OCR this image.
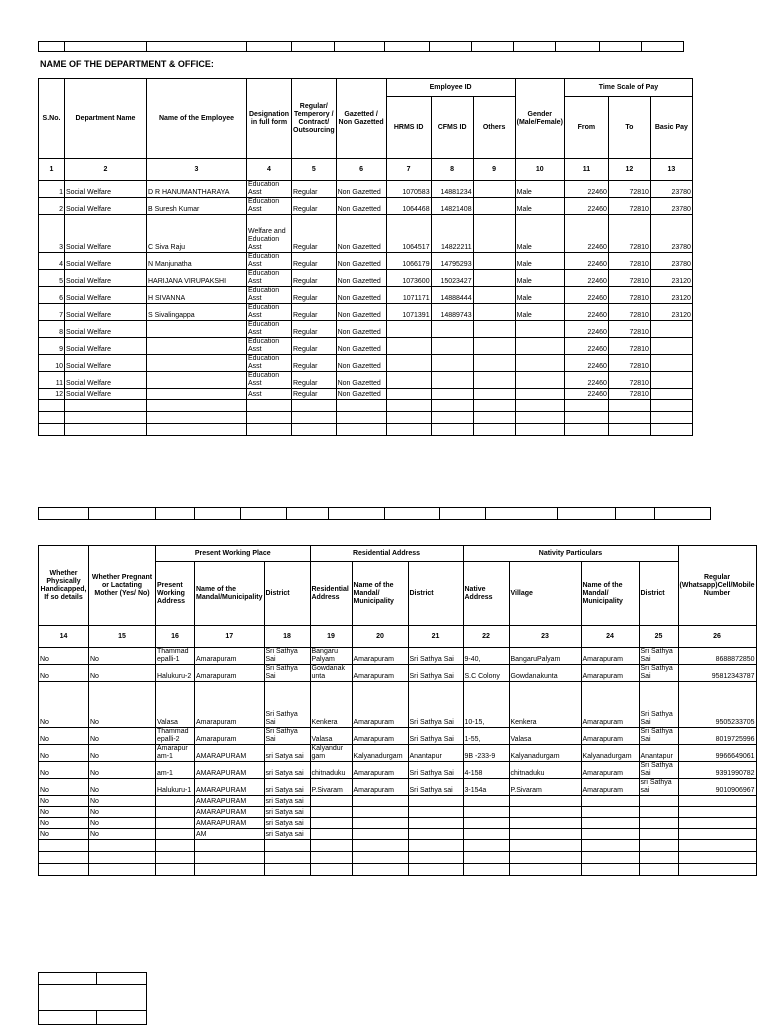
NAME OF THE DEPARTMENT & OFFICE:
S.No.	Department Name	Name of the Employee	Designation in full form	Regular/ Temperory / Contract/ Outsourcing	Gazetted / Non Gazetted	Employee ID			Gender (Male/Female)	Time Scale of Pay		
						HRMS ID	CFMS ID	Others		From	To	Basic Pay
1	2	3	4	5	6	7	8	9	10	11	12	13
1	Social Welfare	D R HANUMANTHARAYA	Education Asst	Regular	Non Gazetted	1070583	14881234		Male	22460	72810	23780
2	Social Welfare	B Suresh Kumar	Education Asst	Regular	Non Gazetted	1064468	14821408		Male	22460	72810	23780
3	Social Welfare	C Siva Raju	Welfare and Education Asst	Regular	Non Gazetted	1064517	14822211		Male	22460	72810	23780
4	Social Welfare	N Manjunatha	Education Asst	Regular	Non Gazetted	1066179	14795293		Male	22460	72810	23780
5	Social Welfare	HARIJANA VIRUPAKSHI	Education Asst	Regular	Non Gazetted	1073600	15023427		Male	22460	72810	23120
6	Social Welfare	H SIVANNA	Education Asst	Regular	Non Gazetted	1071171	14888444		Male	22460	72810	23120
7	Social Welfare	S Sivalingappa	Education Asst	Regular	Non Gazetted	1071391	14889743		Male	22460	72810	23120
8	Social Welfare		Education Asst	Regular	Non Gazetted					22460	72810	
9	Social Welfare		Education Asst	Regular	Non Gazetted					22460	72810	
10	Social Welfare		Education Asst	Regular	Non Gazetted					22460	72810	
11	Social Welfare		Education Asst	Regular	Non Gazetted					22460	72810	
12	Social Welfare		Asst	Regular	Non Gazetted					22460	72810	

Whether Physically Handicapped, If so details	Whether Pregnant or Lactating Mother (Yes/ No)	Present Working Place			Residential Address			Nativity Particulars				Regular (Whatsapp)Cell/Mobile Number
		Present Working Address	Name of the Mandal/Municipality	District	Residential Address	Name of the Mandal/ Municipality	District	Native Address	Village	Name of the Mandal/ Municipality	District	
14	15	16	17	18	19	20	21	22	23	24	25	26
No	No	Thammad epalli-1	Amarapuram	Sri Sathya Sai	Bangaru Palyam	Amarapuram	Sri Sathya Sai	9-40,	BangaruPalyam	Amarapuram	Sri Sathya Sai	8688872850
No	No	Halukuru-2	Amarapuram	Sri Sathya Sai	Gowdanak unta	Amarapuram	Sri Sathya Sai	S.C Colony	Gowdanakunta	Amarapuram	Sri Sathya Sai	95812343787
No	No	Valasa	Amarapuram	Sri Sathya Sai	Kenkera	Amarapuram	Sri Sathya Sai	10-15,	Kenkera	Amarapuram	Sri Sathya Sai	9505233705
No	No	Thammad epalli-2	Amarapuram	Sri Sathya Sai	Valasa	Amarapuram	Sri Sathya Sai	1-55,	Valasa	Amarapuram	Sri Sathya Sai	8019725996
No	No	Amarapur am-1	AMARAPURAM	sri Satya sai	Kalyandur gam	Kalyanadurgam	Anantapur	9B -233-9	Kalyanadurgam	Kalyanadurgam	Anantapur	9966649061
No	No	am-1	AMARAPURAM	sri Satya sai	chitnaduku	Amarapuram	Sri Sathya Sai	4-158	chitnaduku	Amarapuram	Sri Sathya Sai	9391990782
No	No	Halukuru-1	AMARAPURAM	sri Satya sai	P.Sivaram	Amarapuram	Sri Sathya sai	3-154a	P.Sivaram	Amarapuram	sri Sathya sai	9010906967
No	No		AMARAPURAM	sri Satya sai								
No	No		AMARAPURAM	sri Satya sai								
No	No		AMARAPURAM	sri Satya sai								
No	No		AM	sri Satya sai								
